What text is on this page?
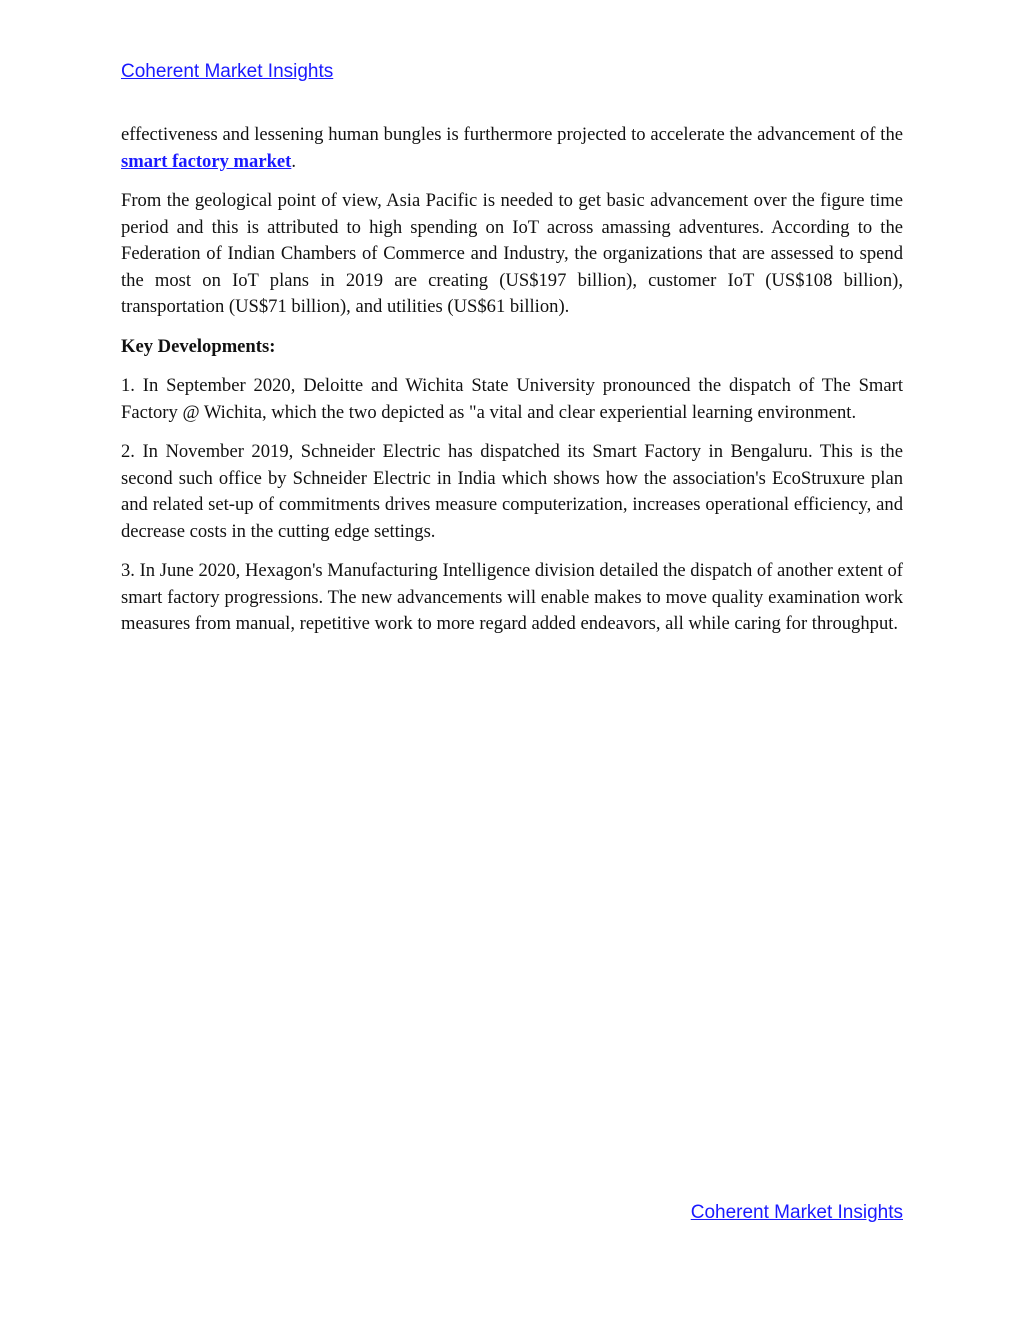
Coherent Market Insights

effectiveness and lessening human bungles is furthermore projected to accelerate the advancement of the smart factory market.

From the geological point of view, Asia Pacific is needed to get basic advancement over the figure time period and this is attributed to high spending on IoT across amassing adventures. According to the Federation of Indian Chambers of Commerce and Industry, the organizations that are assessed to spend the most on IoT plans in 2019 are creating (US$197 billion), customer IoT (US$108 billion), transportation (US$71 billion), and utilities (US$61 billion).

Key Developments:

1. In September 2020, Deloitte and Wichita State University pronounced the dispatch of The Smart Factory @ Wichita, which the two depicted as "a vital and clear experiential learning environment.

2. In November 2019, Schneider Electric has dispatched its Smart Factory in Bengaluru. This is the second such office by Schneider Electric in India which shows how the association's EcoStruxure plan and related set-up of commitments drives measure computerization, increases operational efficiency, and decrease costs in the cutting edge settings.

3. In June 2020, Hexagon's Manufacturing Intelligence division detailed the dispatch of another extent of smart factory progressions. The new advancements will enable makes to move quality examination work measures from manual, repetitive work to more regard added endeavors, all while caring for throughput.

Coherent Market Insights
